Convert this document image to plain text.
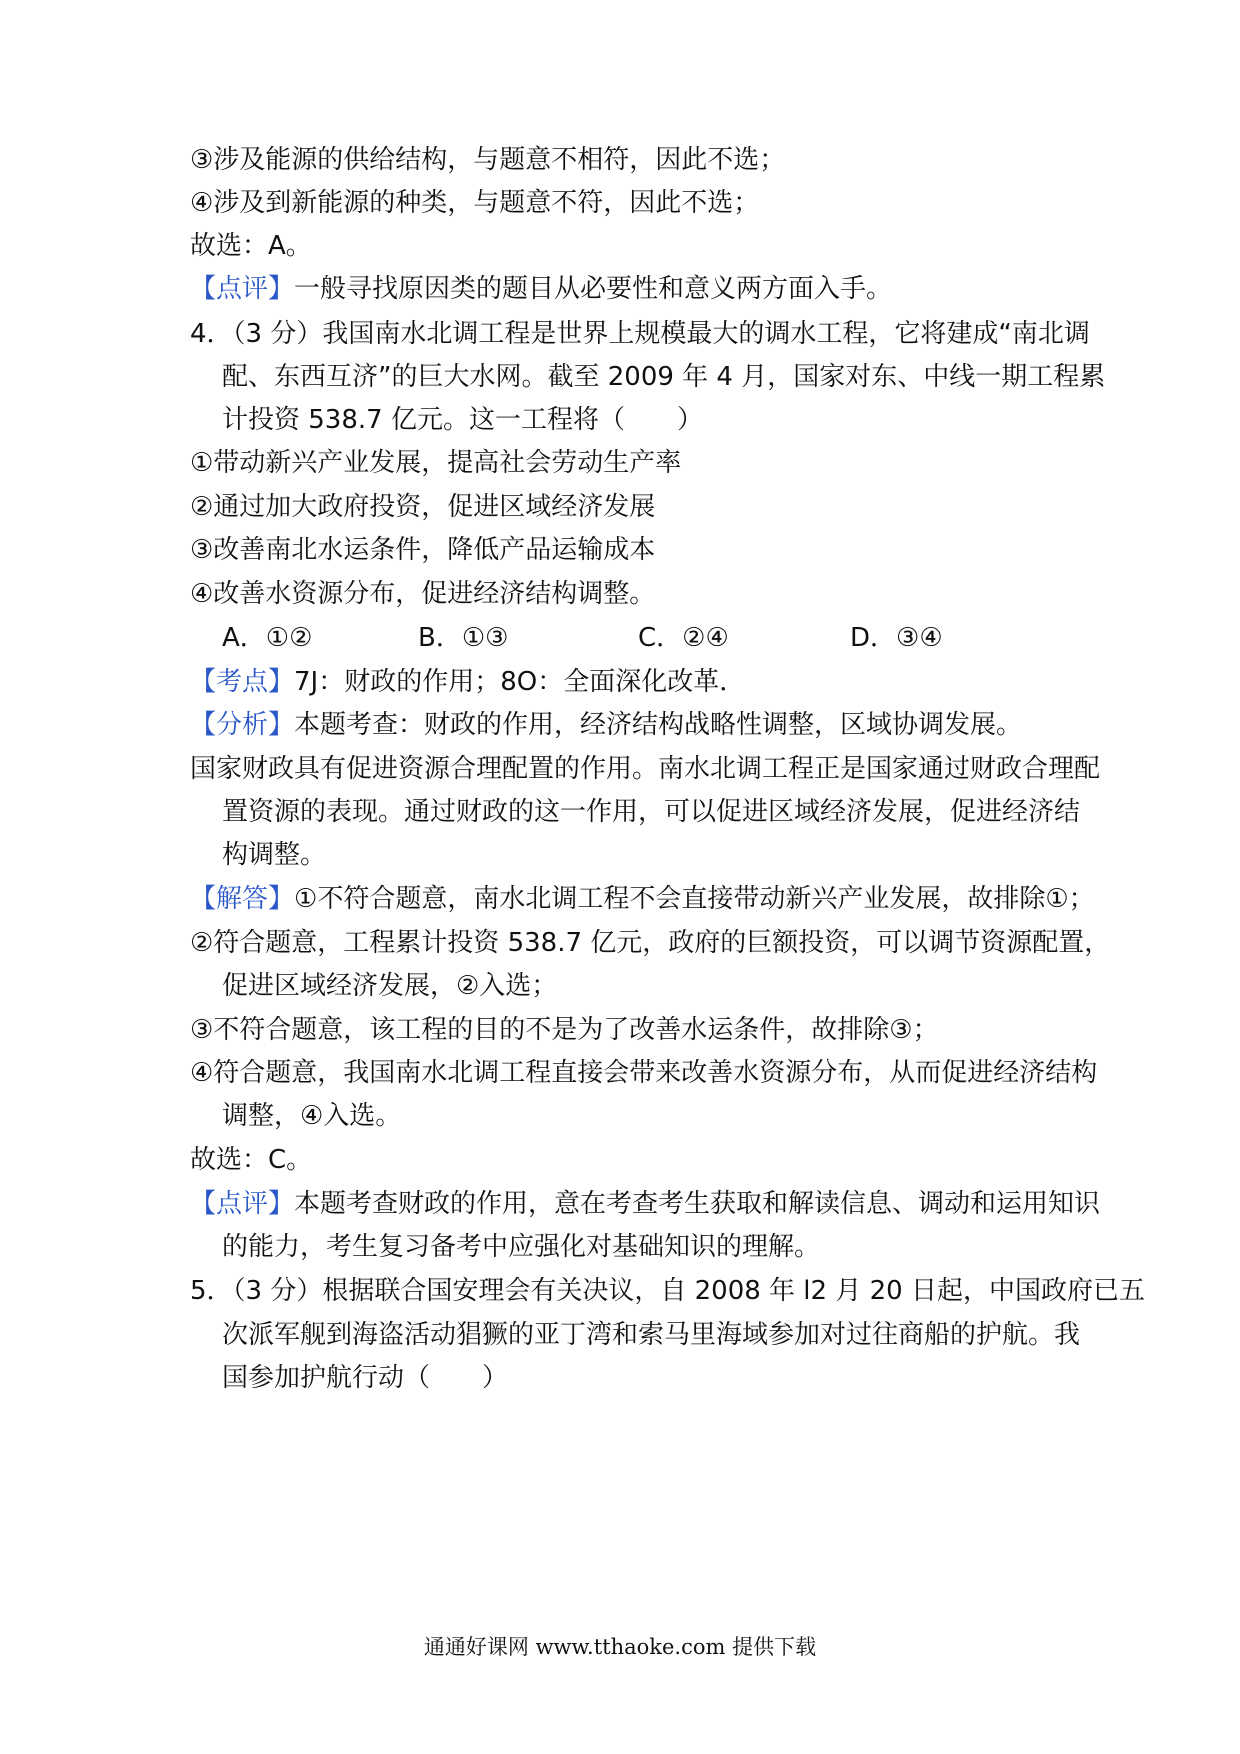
③涉及能源的供给结构，与题意不相符，因此不选；
④涉及到新能源的种类，与题意不符，因此不选；
故选：A。
【点评】一般寻找原因类的题目从必要性和意义两方面入手。
4．（3 分）我国南水北调工程是世界上规模最大的调水工程，它将建成“南北调
配、东西互济”的巨大水网。截至 2009 年 4 月，国家对东、中线一期工程累
计投资 538.7 亿元。这一工程将（　　）
①带动新兴产业发展，提高社会劳动生产率
②通过加大政府投资，促进区域经济发展
③改善南北水运条件，降低产品运输成本
④改善水资源分布，促进经济结构调整。
A．①②	B．①③	C．②④	D．③④
【考点】7J：财政的作用；8O：全面深化改革．
【分析】本题考查：财政的作用，经济结构战略性调整，区域协调发展。
国家财政具有促进资源合理配置的作用。南水北调工程正是国家通过财政合理配
置资源的表现。通过财政的这一作用，可以促进区域经济发展，促进经济结
构调整。
【解答】①不符合题意，南水北调工程不会直接带动新兴产业发展，故排除①；
②符合题意，工程累计投资 538.7 亿元，政府的巨额投资，可以调节资源配置，
促进区域经济发展，②入选；
③不符合题意，该工程的目的不是为了改善水运条件，故排除③；
④符合题意，我国南水北调工程直接会带来改善水资源分布，从而促进经济结构
调整，④入选。
故选：C。
【点评】本题考查财政的作用，意在考查考生获取和解读信息、调动和运用知识
的能力，考生复习备考中应强化对基础知识的理解。
5．（3 分）根据联合国安理会有关决议，自 2008 年 l2 月 20 日起，中国政府已五
次派军舰到海盗活动猖獗的亚丁湾和索马里海域参加对过往商船的护航。我
国参加护航行动（　　）
通通好课网 www.tthaoke.com 提供下载
